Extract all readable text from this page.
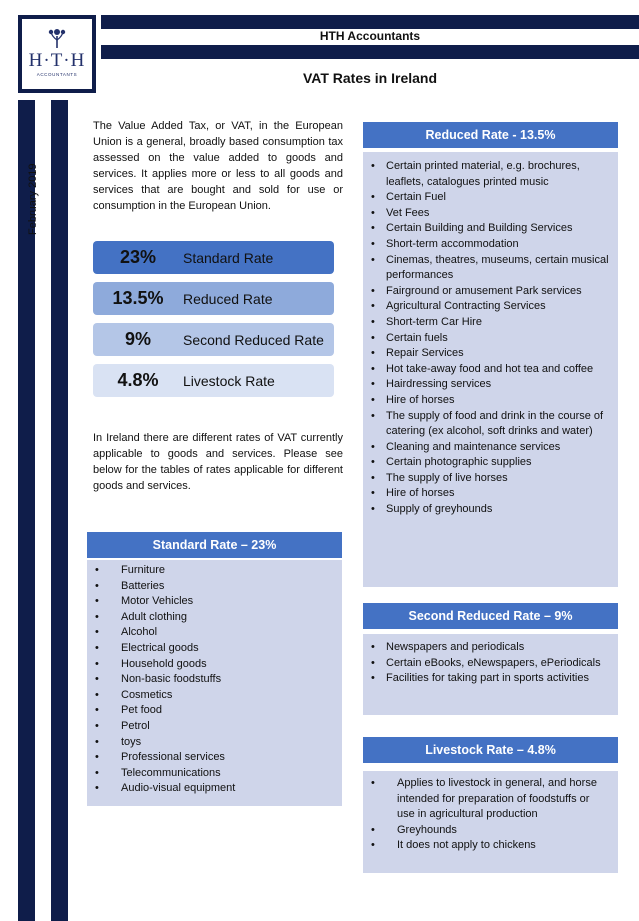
H·T·H
ACCOUNTANTS
HTH Accountants
VAT Rates in Ireland
February 2019
The Value Added Tax, or VAT, in the European Union is a general, broadly based consumption tax assessed on the value added to goods and services. It applies more or less to all goods and services that are bought and sold for use or consumption in the European Union.
23%	Standard Rate
13.5%	Reduced Rate
9%	Second Reduced Rate
4.8%	Livestock Rate
In Ireland there are different rates of VAT currently applicable to goods and services. Please see below for the tables of rates applicable for different goods and services.
Standard Rate – 23%
• Furniture
• Batteries
• Motor Vehicles
• Adult clothing
• Alcohol
• Electrical goods
• Household goods
• Non-basic foodstuffs
• Cosmetics
• Pet food
• Petrol
• toys
• Professional services
• Telecommunications
• Audio-visual equipment
Reduced Rate - 13.5%
• Certain printed material, e.g. brochures, leaflets, catalogues printed music
• Certain Fuel
• Vet Fees
• Certain Building and Building Services
• Short-term accommodation
• Cinemas, theatres, museums, certain musical performances
• Fairground or amusement Park services
• Agricultural Contracting Services
• Short-term Car Hire
• Certain fuels
• Repair Services
• Hot take-away food and hot tea and coffee
• Hairdressing services
• Hire of horses
• The supply of food and drink in the course of catering (ex alcohol, soft drinks and water)
• Cleaning and maintenance services
• Certain photographic supplies
• The supply of live horses
• Hire of horses
• Supply of greyhounds
Second Reduced Rate – 9%
• Newspapers and periodicals
• Certain eBooks, eNewspapers, ePeriodicals
• Facilities for taking part in sports activities
Livestock Rate – 4.8%
• Applies to livestock in general, and horse intended for preparation of foodstuffs or use in agricultural production
• Greyhounds
• It does not apply to chickens
